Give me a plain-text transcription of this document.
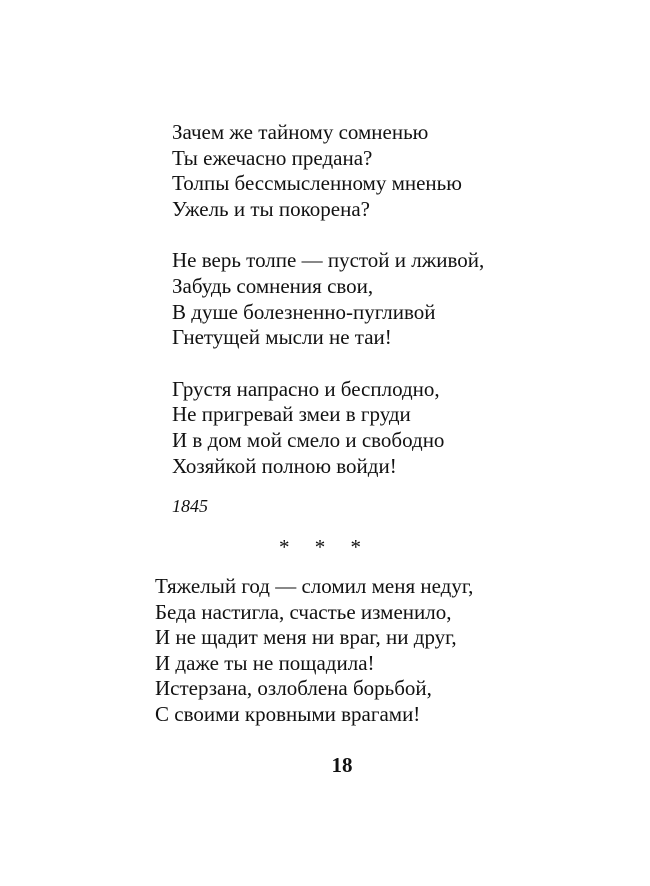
Зачем же тайному сомненью
Ты ежечасно предана?
Толпы бессмысленному мненью
Ужель и ты покорена?
Не верь толпе — пустой и лживой,
Забудь сомнения свои,
В душе болезненно-пугливой
Гнетущей мысли не таи!
Грустя напрасно и бесплодно,
Не пригревай змеи в груди
И в дом мой смело и свободно
Хозяйкой полною войди!
1845
* * *
Тяжелый год — сломил меня недуг,
Беда настигла, счастье изменило,
И не щадит меня ни враг, ни друг,
И даже ты не пощадила!
Истерзана, озлоблена борьбой,
С своими кровными врагами!
18
